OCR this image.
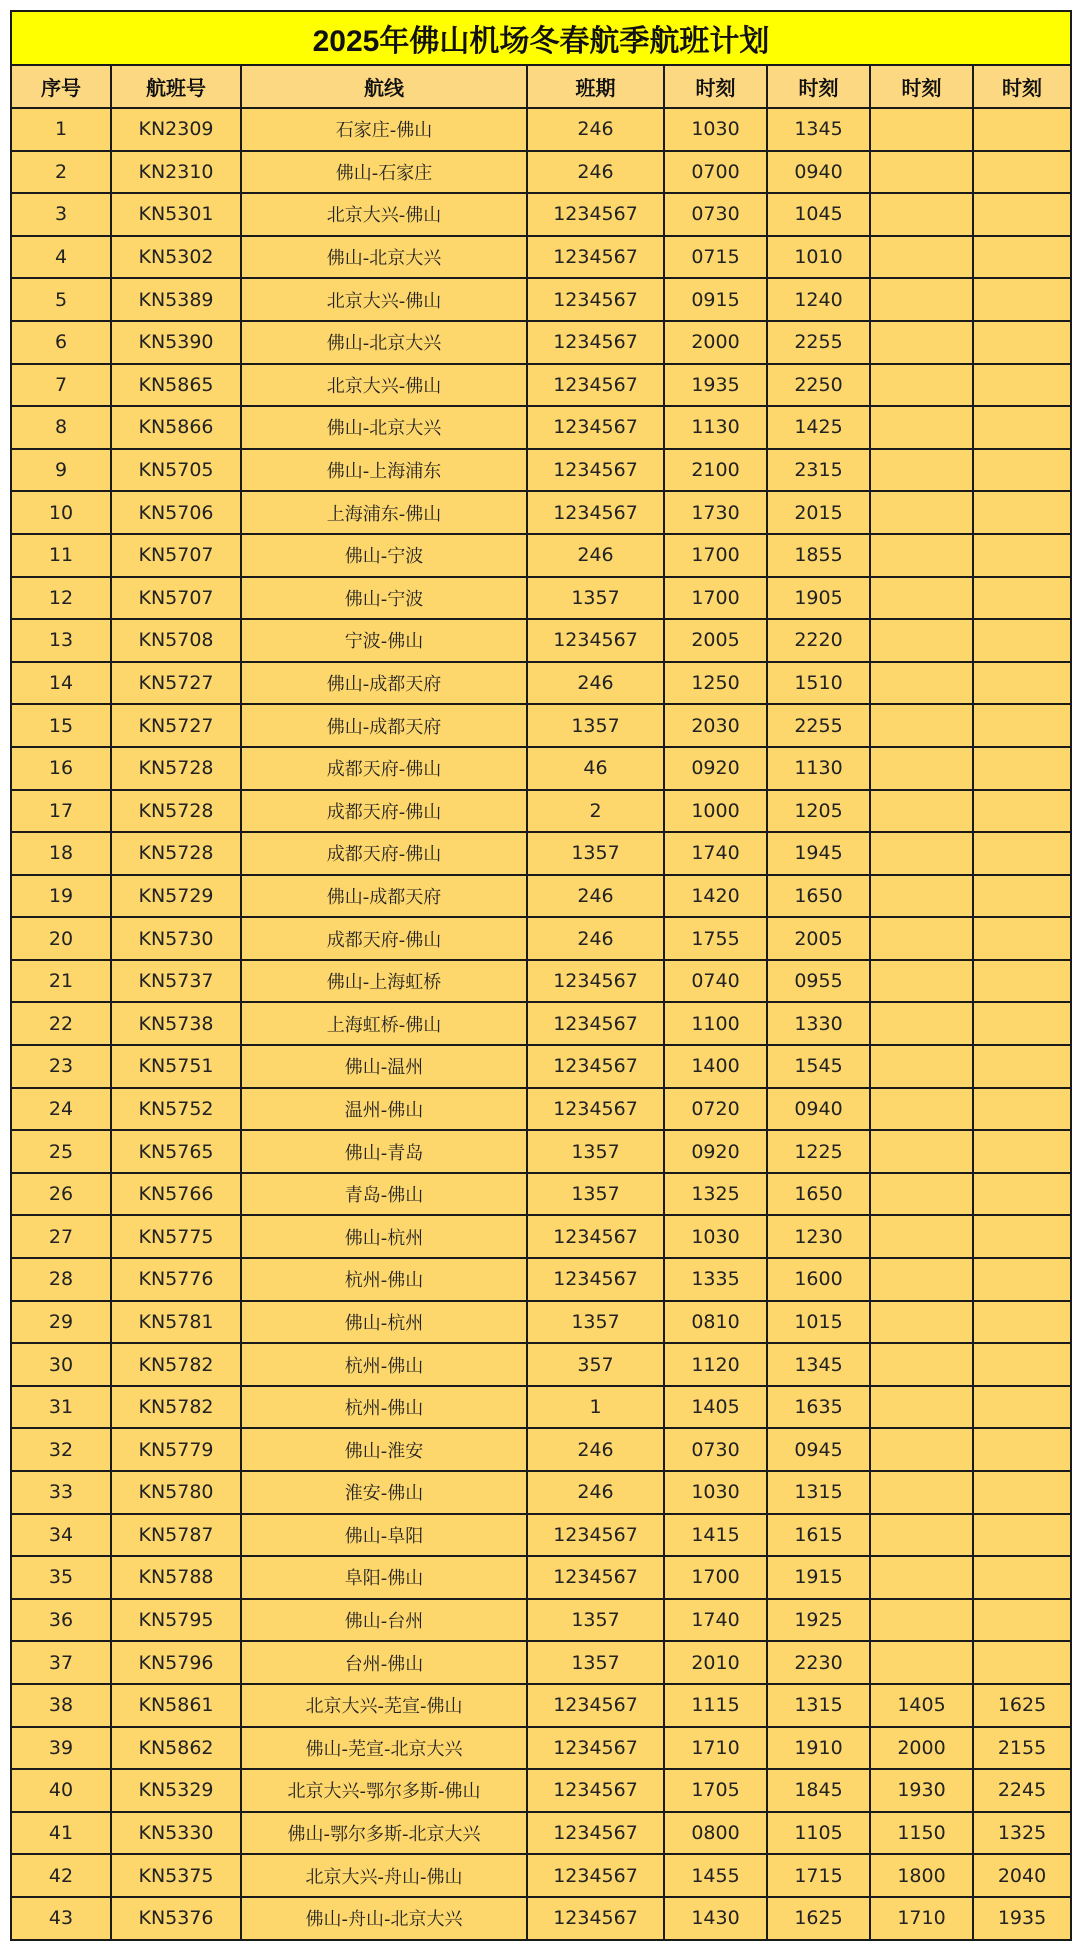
2025年佛山机场冬春航季航班计划							
序号	航班号	航线	班期	时刻	时刻	时刻	时刻
1	KN2309	石家庄-佛山	246	1030	1345		
2	KN2310	佛山-石家庄	246	0700	0940		
3	KN5301	北京大兴-佛山	1234567	0730	1045		
4	KN5302	佛山-北京大兴	1234567	0715	1010		
5	KN5389	北京大兴-佛山	1234567	0915	1240		
6	KN5390	佛山-北京大兴	1234567	2000	2255		
7	KN5865	北京大兴-佛山	1234567	1935	2250		
8	KN5866	佛山-北京大兴	1234567	1130	1425		
9	KN5705	佛山-上海浦东	1234567	2100	2315		
10	KN5706	上海浦东-佛山	1234567	1730	2015		
11	KN5707	佛山-宁波	246	1700	1855		
12	KN5707	佛山-宁波	1357	1700	1905		
13	KN5708	宁波-佛山	1234567	2005	2220		
14	KN5727	佛山-成都天府	246	1250	1510		
15	KN5727	佛山-成都天府	1357	2030	2255		
16	KN5728	成都天府-佛山	46	0920	1130		
17	KN5728	成都天府-佛山	2	1000	1205		
18	KN5728	成都天府-佛山	1357	1740	1945		
19	KN5729	佛山-成都天府	246	1420	1650		
20	KN5730	成都天府-佛山	246	1755	2005		
21	KN5737	佛山-上海虹桥	1234567	0740	0955		
22	KN5738	上海虹桥-佛山	1234567	1100	1330		
23	KN5751	佛山-温州	1234567	1400	1545		
24	KN5752	温州-佛山	1234567	0720	0940		
25	KN5765	佛山-青岛	1357	0920	1225		
26	KN5766	青岛-佛山	1357	1325	1650		
27	KN5775	佛山-杭州	1234567	1030	1230		
28	KN5776	杭州-佛山	1234567	1335	1600		
29	KN5781	佛山-杭州	1357	0810	1015		
30	KN5782	杭州-佛山	357	1120	1345		
31	KN5782	杭州-佛山	1	1405	1635		
32	KN5779	佛山-淮安	246	0730	0945		
33	KN5780	淮安-佛山	246	1030	1315		
34	KN5787	佛山-阜阳	1234567	1415	1615		
35	KN5788	阜阳-佛山	1234567	1700	1915		
36	KN5795	佛山-台州	1357	1740	1925		
37	KN5796	台州-佛山	1357	2010	2230		
38	KN5861	北京大兴-芜宣-佛山	1234567	1115	1315	1405	1625
39	KN5862	佛山-芜宣-北京大兴	1234567	1710	1910	2000	2155
40	KN5329	北京大兴-鄂尔多斯-佛山	1234567	1705	1845	1930	2245
41	KN5330	佛山-鄂尔多斯-北京大兴	1234567	0800	1105	1150	1325
42	KN5375	北京大兴-舟山-佛山	1234567	1455	1715	1800	2040
43	KN5376	佛山-舟山-北京大兴	1234567	1430	1625	1710	1935
